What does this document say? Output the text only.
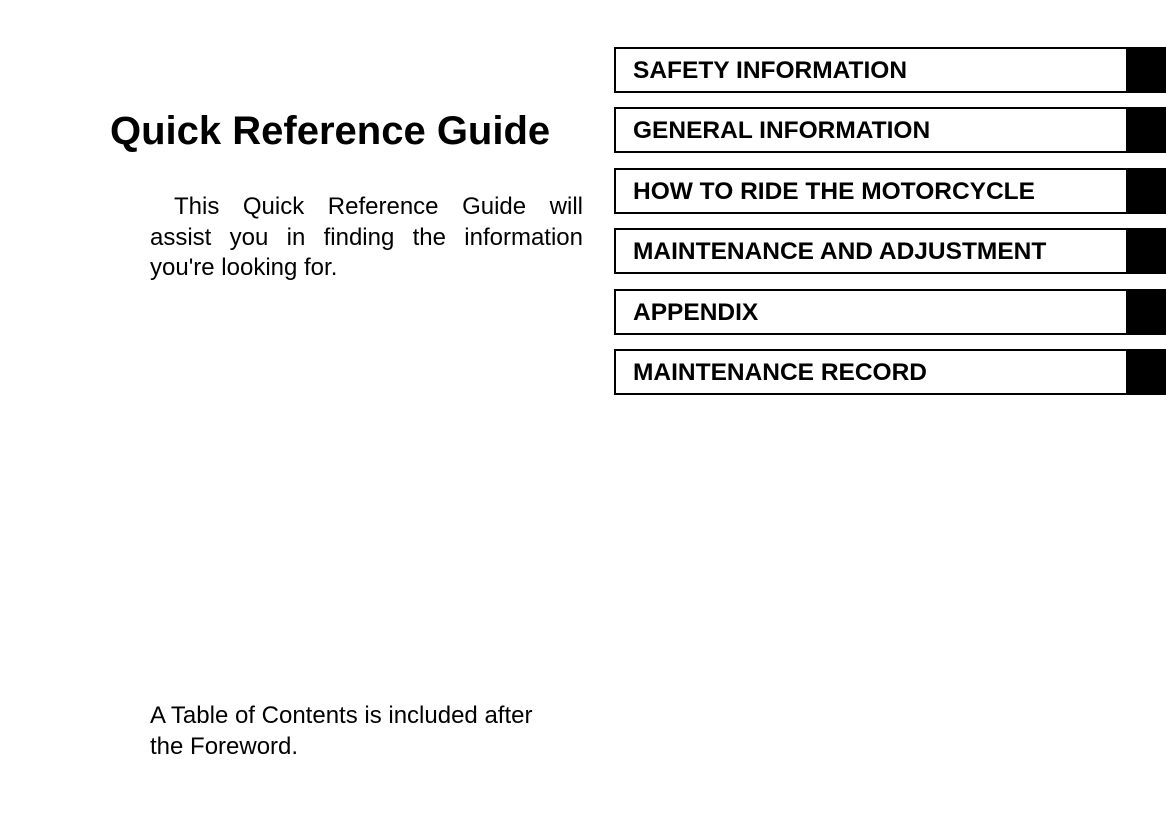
Quick Reference Guide

This Quick Reference Guide will assist you in finding the information you're looking for.

A Table of Contents is included after
the Foreword.
SAFETY INFORMATION
GENERAL INFORMATION
HOW TO RIDE THE MOTORCYCLE
MAINTENANCE AND ADJUSTMENT
APPENDIX
MAINTENANCE RECORD
